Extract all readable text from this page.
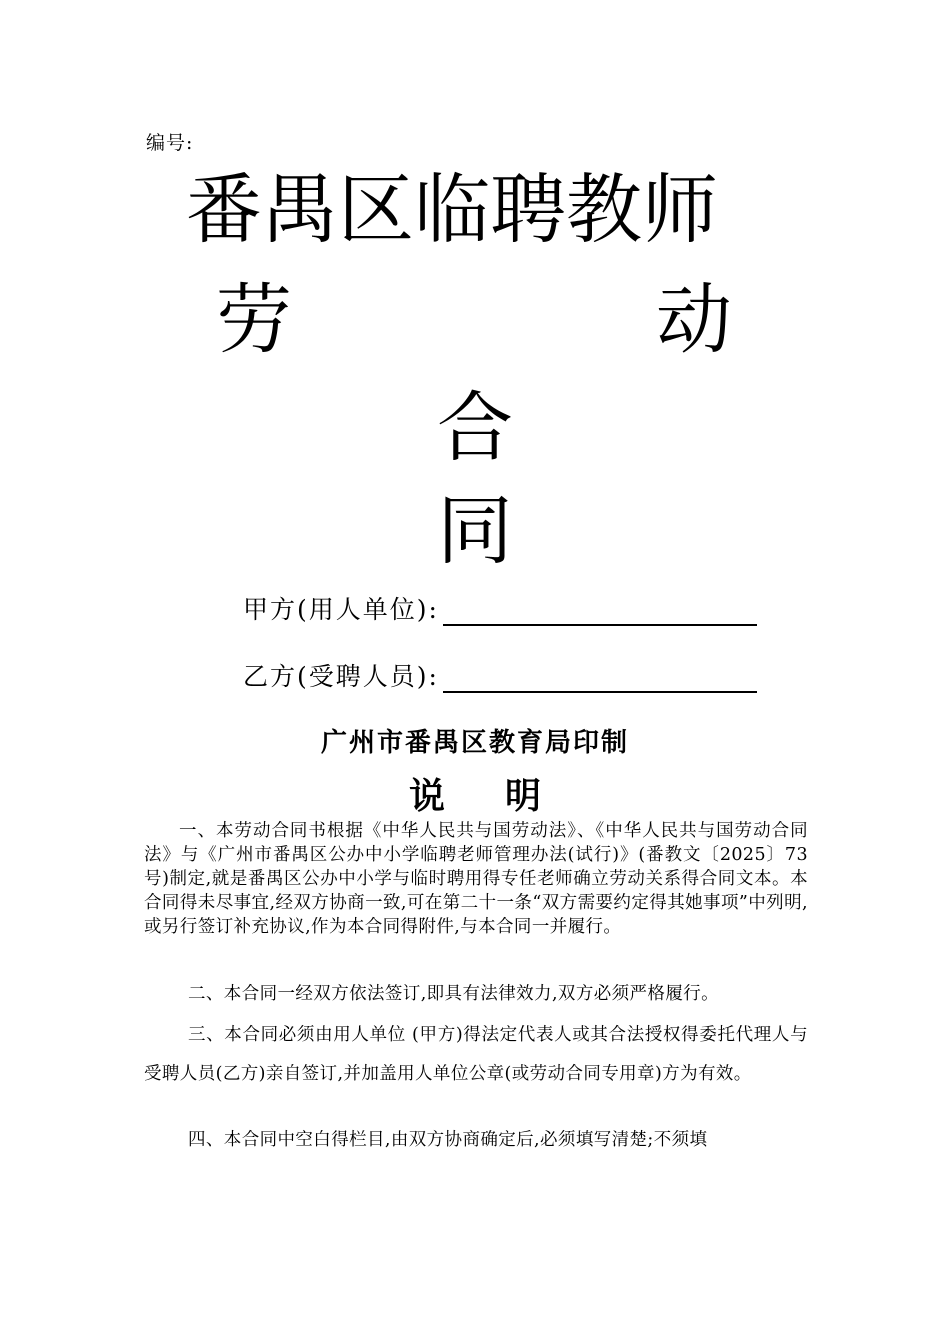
编号:
番禺区临聘教师
劳	动
合
同
甲方(用人单位):
乙方(受聘人员):
广州市番禺区教育局印制
说明
一、本劳动合同书根据《中华人民共与国劳动法》、《中华人民共与国劳动合同法》与《广州市番禺区公办中小学临聘老师管理办法(试行)》(番教文〔2025〕73号)制定,就是番禺区公办中小学与临时聘用得专任老师确立劳动关系得合同文本。本合同得未尽事宜,经双方协商一致,可在第二十一条“双方需要约定得其她事项”中列明,或另行签订补充协议,作为本合同得附件,与本合同一并履行。
二、本合同一经双方依法签订,即具有法律效力,双方必须严格履行。
三、本合同必须由用人单位 (甲方)得法定代表人或其合法授权得委托代理人与受聘人员(乙方)亲自签订,并加盖用人单位公章(或劳动合同专用章)方为有效。
四、本合同中空白得栏目,由双方协商确定后,必须填写清楚;不须填
